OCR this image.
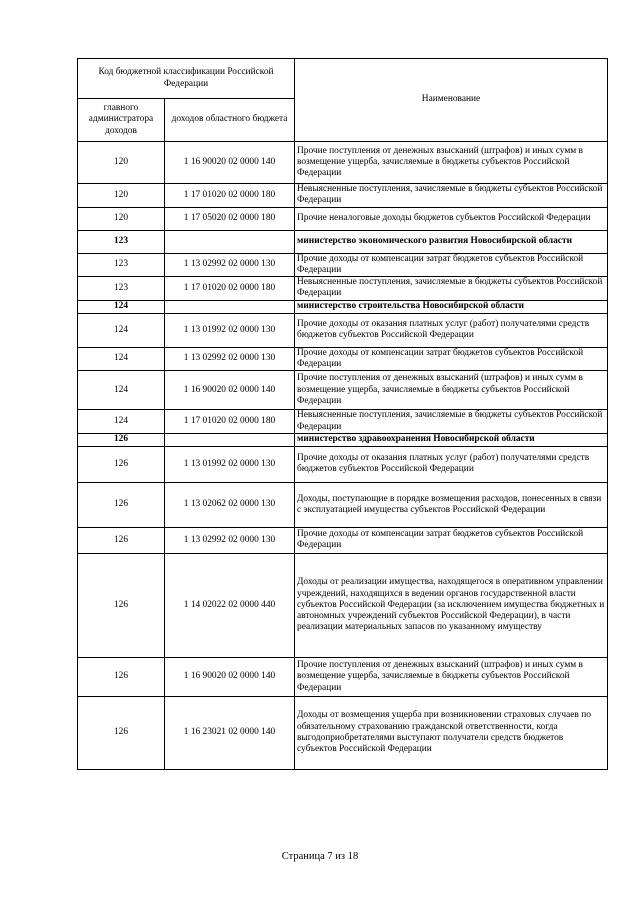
Код бюджетной классификации Российской Федерации		Наименование
главного администратора доходов	доходов областного бюджета	
120	1 16 90020 02 0000 140	Прочие поступления от денежных взысканий (штрафов) и иных сумм в возмещение ущерба, зачисляемые в бюджеты субъектов Российской Федерации
120	1 17 01020 02 0000 180	Невыясненные поступления, зачисляемые в бюджеты субъектов Российской Федерации
120	1 17 05020 02 0000 180	Прочие неналоговые доходы бюджетов субъектов Российской Федерации
123		министерство экономического развития Новосибирской области
123	1 13 02992 02 0000 130	Прочие доходы от компенсации затрат бюджетов субъектов Российской Федерации
123	1 17 01020 02 0000 180	Невыясненные поступления, зачисляемые в бюджеты субъектов Российской Федерации
124		министерство строительства Новосибирской области
124	1 13 01992 02 0000 130	Прочие доходы от оказания платных услуг (работ) получателями средств бюджетов субъектов Российской Федерации
124	1 13 02992 02 0000 130	Прочие доходы от компенсации затрат бюджетов субъектов Российской Федерации
124	1 16 90020 02 0000 140	Прочие поступления от денежных взысканий (штрафов) и иных сумм в возмещение ущерба, зачисляемые в бюджеты субъектов Российской Федерации
124	1 17 01020 02 0000 180	Невыясненные поступления, зачисляемые в бюджеты субъектов Российской Федерации
126		министерство здравоохранения Новосибирской области
126	1 13 01992 02 0000 130	Прочие доходы от оказания платных услуг (работ) получателями средств бюджетов субъектов Российской Федерации
126	1 13 02062 02 0000 130	Доходы, поступающие в порядке возмещения расходов, понесенных в связи с эксплуатацией имущества субъектов Российской Федерации
126	1 13 02992 02 0000 130	Прочие доходы от компенсации затрат бюджетов субъектов Российской Федерации
126	1 14 02022 02 0000 440	Доходы от реализации имущества, находящегося в оперативном управлении учреждений, находящихся в ведении органов государственной власти субъектов Российской Федерации (за исключением имущества бюджетных и автономных учреждений субъектов Российской Федерации), в части реализации материальных запасов по указанному имуществу
126	1 16 90020 02 0000 140	Прочие поступления от денежных взысканий (штрафов) и иных сумм в возмещение ущерба, зачисляемые в бюджеты субъектов Российской Федерации
126	1 16 23021 02 0000 140	Доходы от возмещения ущерба при возникновении страховых случаев по обязательному страхованию гражданской ответственности, когда выгодоприобретателями выступают получатели средств бюджетов субъектов Российской Федерации
Страница 7 из 18
